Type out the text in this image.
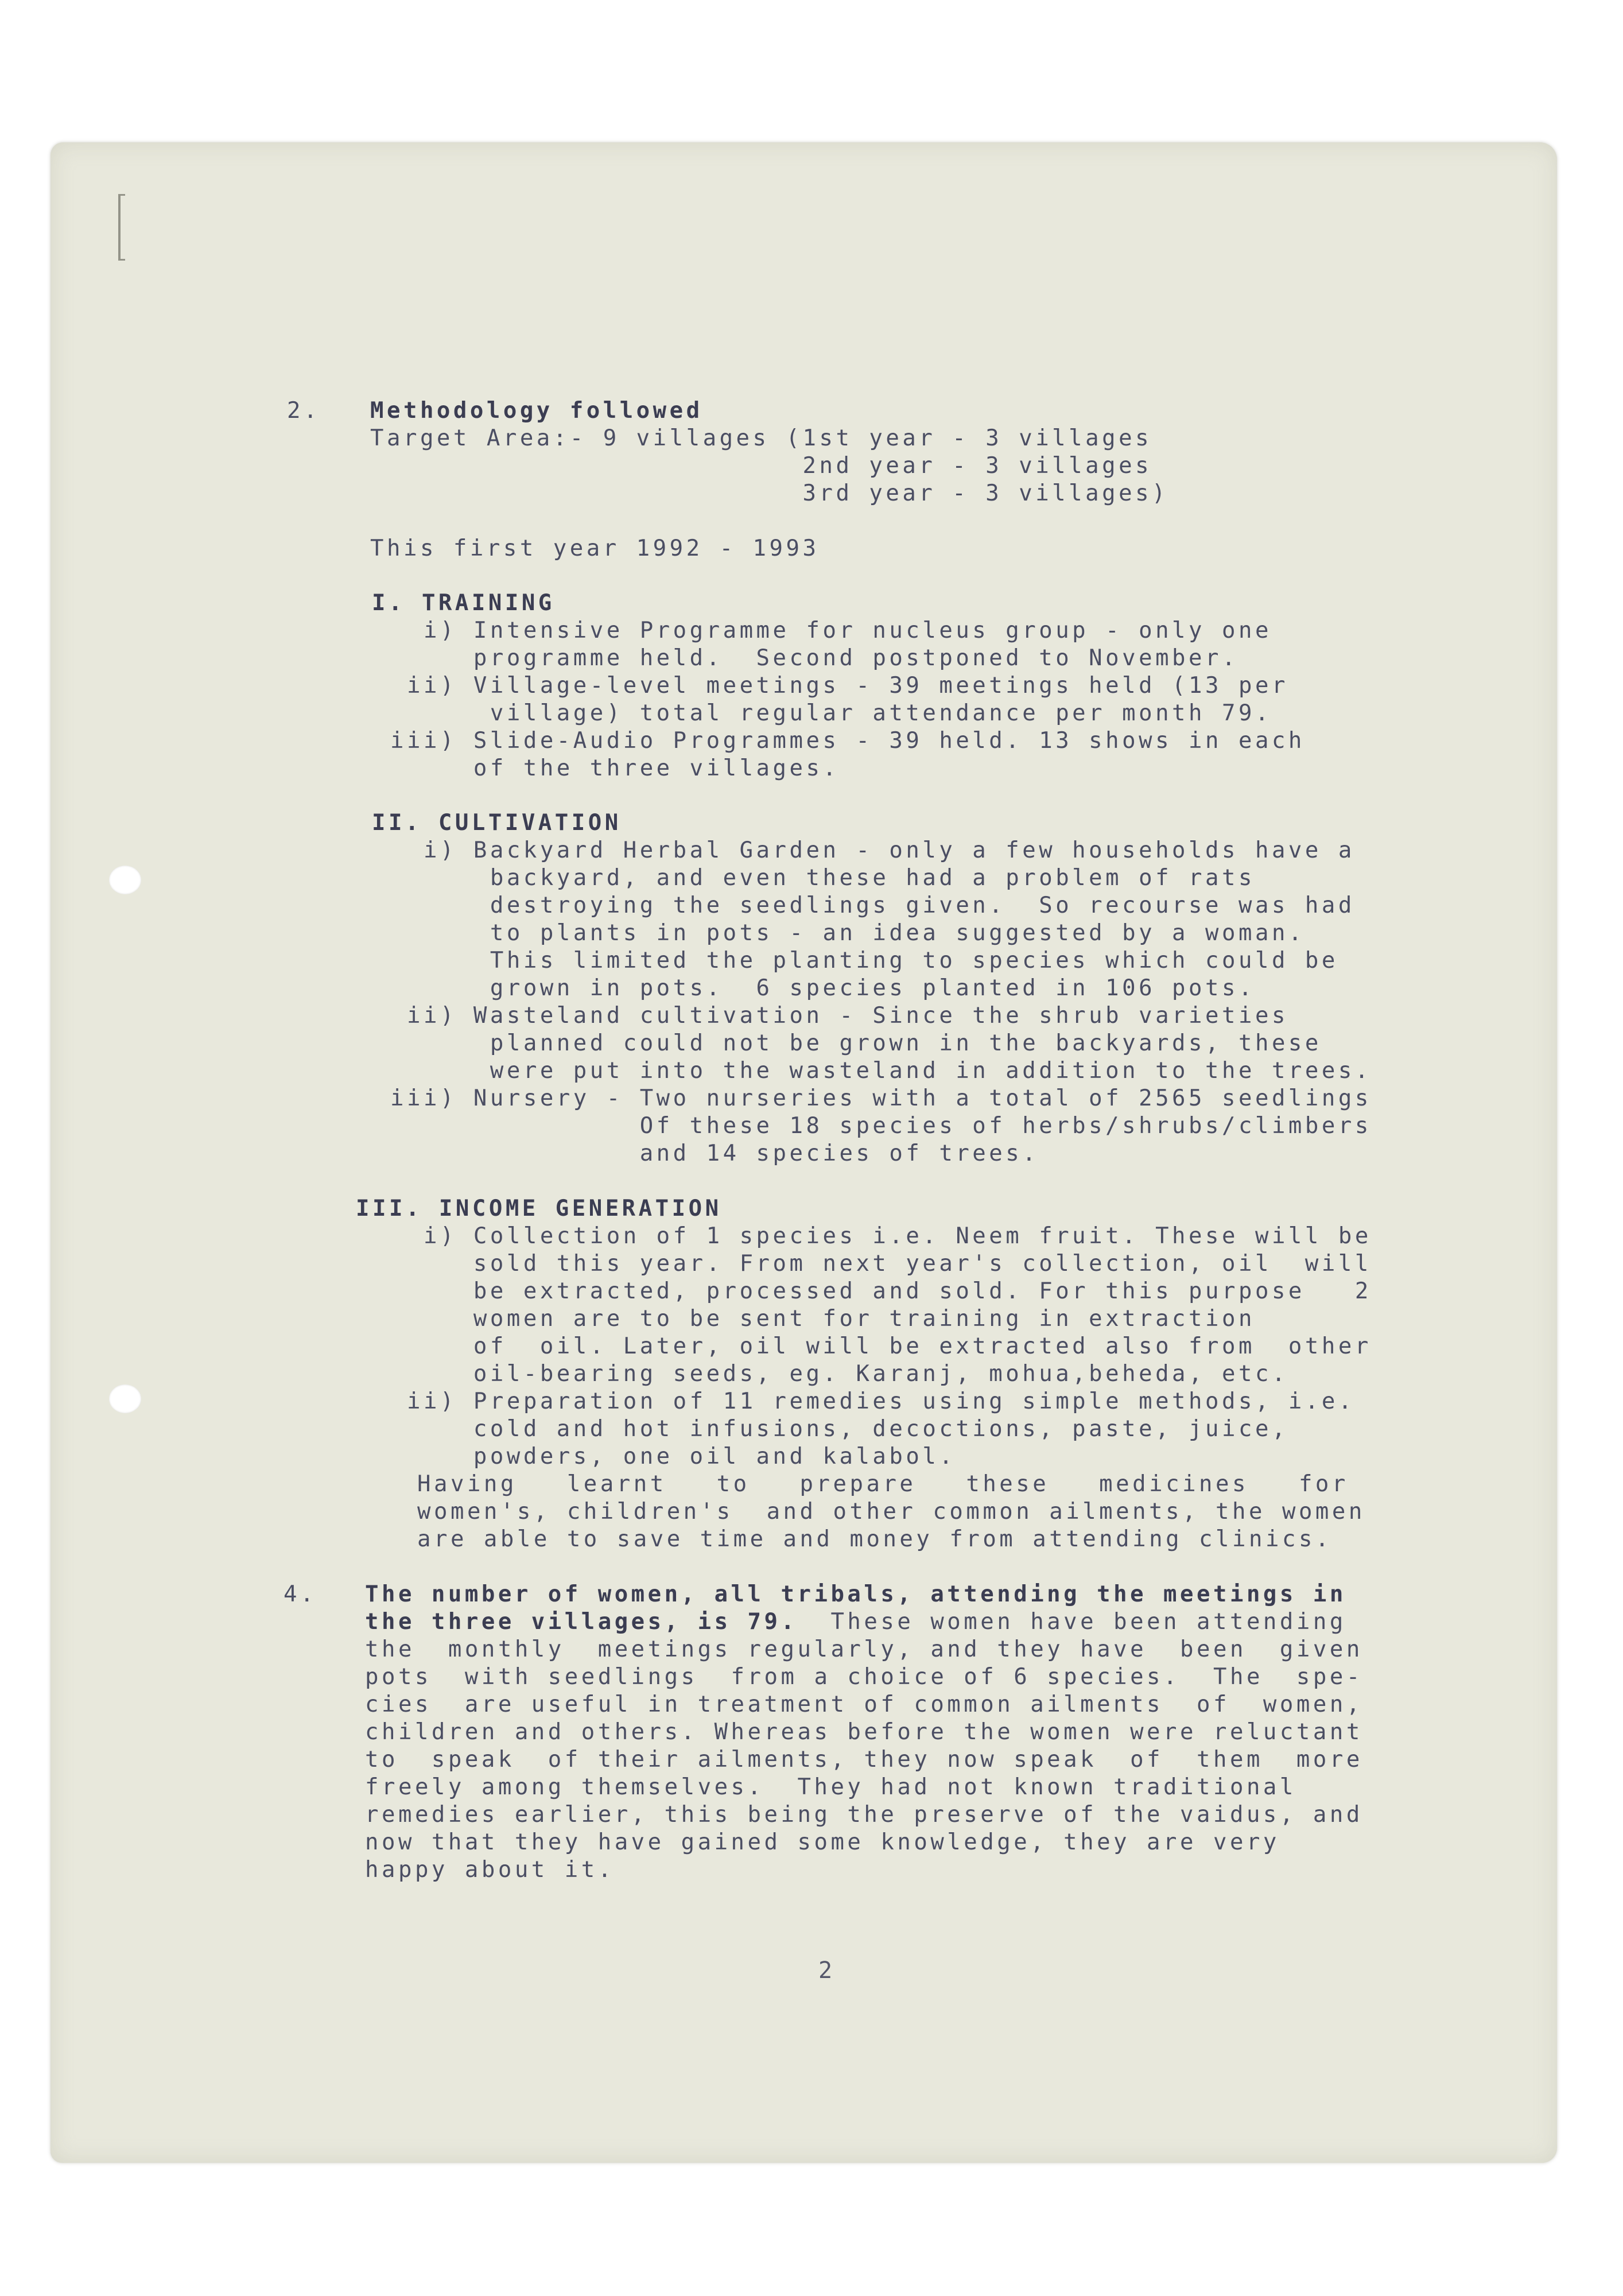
2. Methodology followed
Target Area:- 9 villages (1st year - 3 villages
2nd year - 3 villages
3rd year - 3 villages)
This first year 1992 - 1993
I. TRAINING
i) Intensive Programme for nucleus group - only one
programme held.  Second postponed to November.
ii) Village-level meetings - 39 meetings held (13 per
village) total regular attendance per month 79.
iii) Slide-Audio Programmes - 39 held. 13 shows in each
of the three villages.
II. CULTIVATION
i) Backyard Herbal Garden - only a few households have a
backyard, and even these had a problem of rats
destroying the seedlings given.  So recourse was had
to plants in pots - an idea suggested by a woman.
This limited the planting to species which could be
grown in pots.  6 species planted in 106 pots.
ii) Wasteland cultivation - Since the shrub varieties
planned could not be grown in the backyards, these
were put into the wasteland in addition to the trees.
iii) Nursery - Two nurseries with a total of 2565 seedlings
Of these 18 species of herbs/shrubs/climbers
and 14 species of trees.
III. INCOME GENERATION
i) Collection of 1 species i.e. Neem fruit. These will be
sold this year. From next year's collection, oil  will
be extracted, processed and sold. For this purpose   2
women are to be sent for training in extraction
of  oil. Later, oil will be extracted also from  other
oil-bearing seeds, eg. Karanj, mohua,beheda, etc.
ii) Preparation of 11 remedies using simple methods, i.e.
cold and hot infusions, decoctions, paste, juice,
powders, one oil and kalabol.
Having   learnt   to   prepare   these   medicines   for
women's, children's  and other common ailments, the women
are able to save time and money from attending clinics.
4. The number of women, all tribals, attending the meetings in
the three villages, is 79.  These women have been attending
the  monthly  meetings regularly, and they have  been  given
pots  with seedlings  from a choice of 6 species.  The  spe-
cies  are useful in treatment of common ailments  of  women,
children and others. Whereas before the women were reluctant
to  speak  of their ailments, they now speak  of  them  more
freely among themselves.  They had not known traditional
remedies earlier, this being the preserve of the vaidus, and
now that they have gained some knowledge, they are very
happy about it.
2
